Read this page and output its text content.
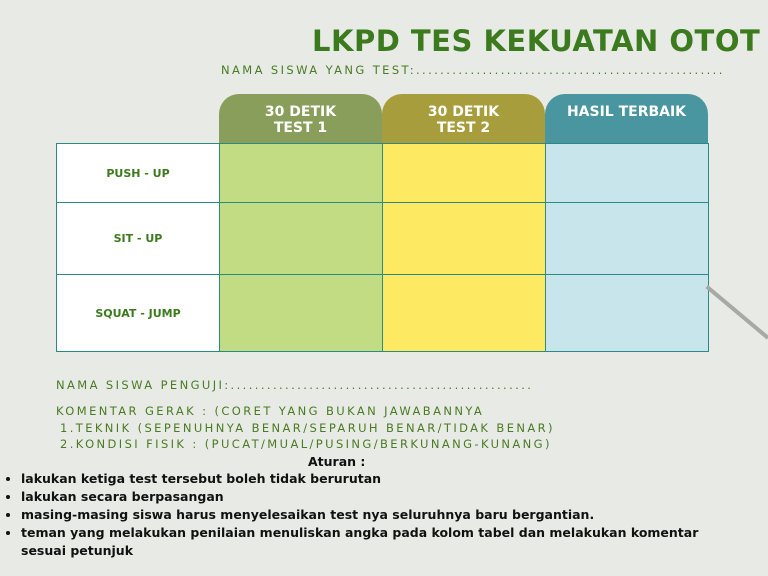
LKPD TES KEKUATAN OTOT
NAMA SISWA YANG TEST:...................................................
30 DETIK
TEST 1
30 DETIK
TEST 2
HASIL TERBAIK
PUSH - UP
SIT - UP
SQUAT - JUMP
NAMA SISWA PENGUJI:..................................................
KOMENTAR GERAK : (CORET YANG BUKAN JAWABANNYA
1.TEKNIK (SEPENUHNYA BENAR/SEPARUH BENAR/TIDAK BENAR)
2.KONDISI FISIK : (PUCAT/MUAL/PUSING/BERKUNANG-KUNANG)
Aturan :
• lakukan ketiga test tersebut boleh tidak berurutan
• lakukan secara berpasangan
• masing-masing siswa harus menyelesaikan test nya seluruhnya baru bergantian.
• teman yang melakukan penilaian menuliskan angka pada kolom tabel dan melakukan komentar sesuai petunjuk
